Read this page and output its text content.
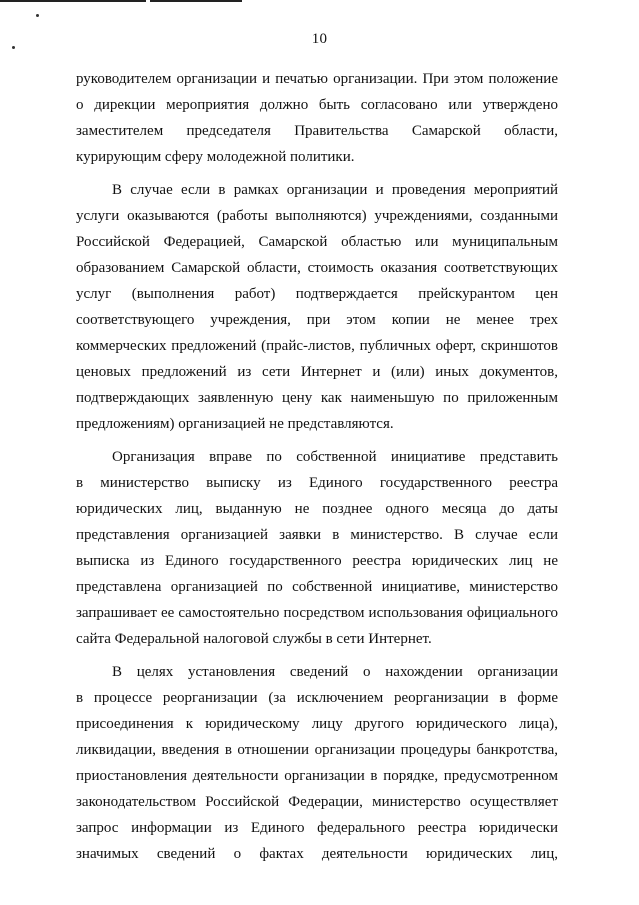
10
руководителем организации и печатью организации. При этом положение
о дирекции мероприятия должно быть согласовано или утверждено
заместителем председателя Правительства Самарской области,
курирующим сферу молодежной политики.
В случае если в рамках организации и проведения мероприятий
услуги оказываются (работы выполняются) учреждениями, созданными
Российской Федерацией, Самарской областью или муниципальным
образованием Самарской области, стоимость оказания соответствующих
услуг (выполнения работ) подтверждается прейскурантом цен
соответствующего учреждения, при этом копии не менее трех
коммерческих предложений (прайс-листов, публичных оферт, скриншотов
ценовых предложений из сети Интернет и (или) иных документов,
подтверждающих заявленную цену как наименьшую по приложенным
предложениям) организацией не представляются.
Организация вправе по собственной инициативе представить
в министерство выписку из Единого государственного реестра
юридических лиц, выданную не позднее одного месяца до даты
представления организацией заявки в министерство. В случае если
выписка из Единого государственного реестра юридических лиц не
представлена организацией по собственной инициативе, министерство
запрашивает ее самостоятельно посредством использования официального
сайта Федеральной налоговой службы в сети Интернет.
В целях установления сведений о нахождении организации
в процессе реорганизации (за исключением реорганизации в форме
присоединения к юридическому лицу другого юридического лица),
ликвидации, введения в отношении организации процедуры банкротства,
приостановления деятельности организации в порядке, предусмотренном
законодательством Российской Федерации, министерство осуществляет
запрос информации из Единого федерального реестра юридически
значимых сведений о фактах деятельности юридических лиц,
